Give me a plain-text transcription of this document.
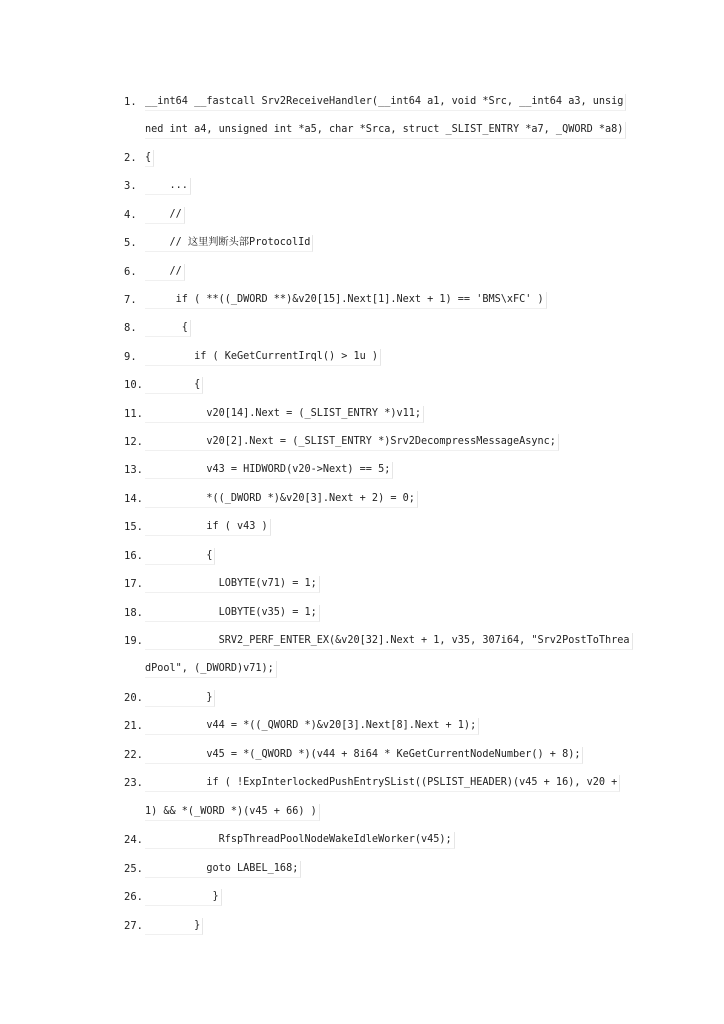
1. __int64 __fastcall Srv2ReceiveHandler(__int64 a1, void *Src, __int64 a3, unsig
ned int a4, unsigned int *a5, char *Srca, struct _SLIST_ENTRY *a7, _QWORD *a8)
2. {
3. ...
4. //
5. // 这里判断头部ProtocolId
6. //
7. if ( **((_DWORD **)&v20[15].Next[1].Next + 1) == 'BMS\xFC' )
8. {
9. if ( KeGetCurrentIrql() > 1u )
10. {
11. v20[14].Next = (_SLIST_ENTRY *)v11;
12. v20[2].Next = (_SLIST_ENTRY *)Srv2DecompressMessageAsync;
13. v43 = HIDWORD(v20->Next) == 5;
14. *((_DWORD *)&v20[3].Next + 2) = 0;
15. if ( v43 )
16. {
17. LOBYTE(v71) = 1;
18. LOBYTE(v35) = 1;
19. SRV2_PERF_ENTER_EX(&v20[32].Next + 1, v35, 307i64, "Srv2PostToThrea
dPool", (_DWORD)v71);
20. }
21. v44 = *((_QWORD *)&v20[3].Next[8].Next + 1);
22. v45 = *(_QWORD *)(v44 + 8i64 * KeGetCurrentNodeNumber() + 8);
23. if ( !ExpInterlockedPushEntrySList((PSLIST_HEADER)(v45 + 16), v20 +
1) && *(_WORD *)(v45 + 66) )
24. RfspThreadPoolNodeWakeIdleWorker(v45);
25. goto LABEL_168;
26. }
27. }
